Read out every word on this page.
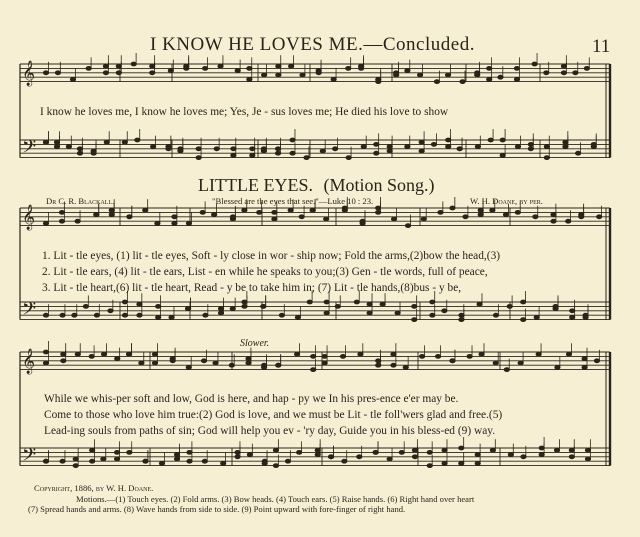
I KNOW HE LOVES ME.—Concluded.	11
𝄞
𝄢
𝄞
𝄢
𝄞
𝄢
I know he loves me, I know he loves me; Yes, Je - sus loves me; He died his love to show
LITTLE EYES. (Motion Song.)
Dr C. R. Blackall.	"Blessed are the eyes that see."—Luke 10 : 23.	W. H. Doane, by per.
1. Lit - tle eyes, (1) lit - tle eyes, Soft - ly close in wor - ship now; Fold the arms,(2)bow the head,(3)
2. Lit - tle ears, (4) lit - tle ears, List - en while he speaks to you;(3) Gen - tle words, full of peace,
3. Lit - tle heart,(6) lit - tle heart, Read - y be to take him in; (7) Lit - tle hands,(8)bus - y be,
Slower.
While we whis-per soft and low, God is here, and hap - py we In his pres-ence e'er may be.
Come to those who love him true:(2) God is love, and we must be Lit - tle foll'wers glad and free.(5)
Lead-ing souls from paths of sin; God will help you ev - 'ry day, Guide you in his bless-ed (9) way.
Copyright, 1886, by W. H. Doane.
Motions.—(1) Touch eyes. (2) Fold arms. (3) Bow heads. (4) Touch ears. (5) Raise hands. (6) Right hand over heart
(7) Spread hands and arms. (8) Wave hands from side to side. (9) Point upward with fore-finger of right hand.
